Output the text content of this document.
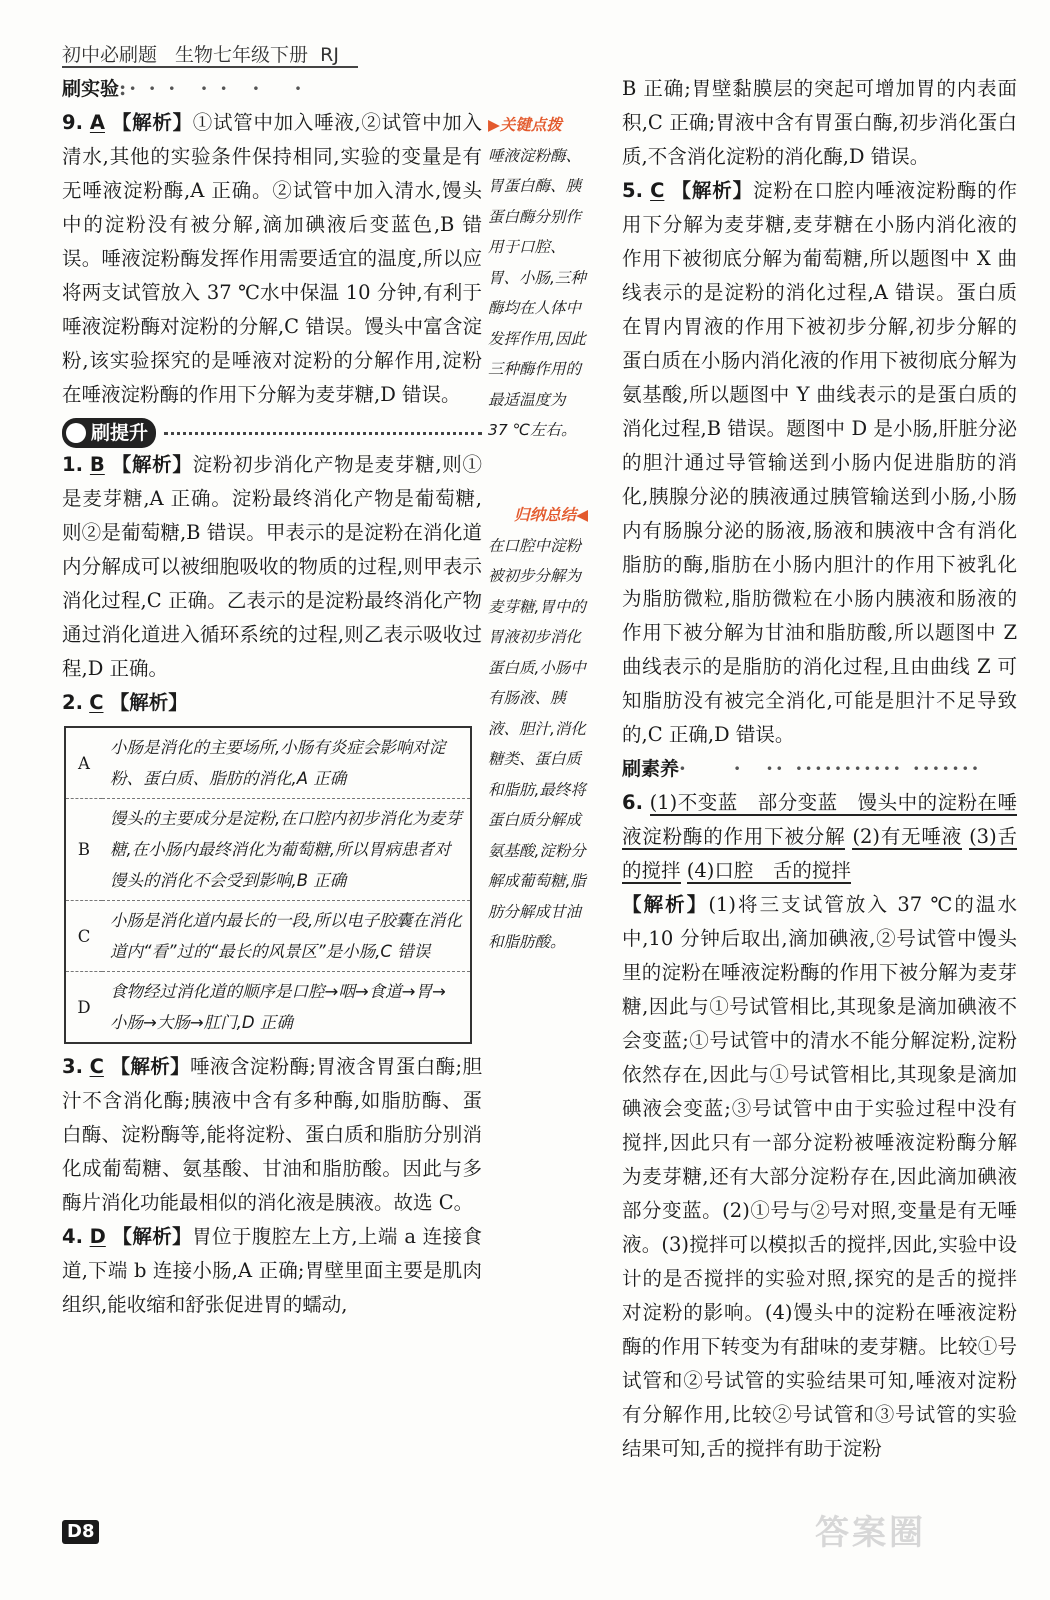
初中必刷题 生物七年级下册 RJ
刷实验:· · ·　· ·　·　 ·

9. A 【解析】①试管中加入唾液,②试管中加入清水,其他的实验条件保持相同,实验的变量是有无唾液淀粉酶,A 正确。②试管中加入清水,馒头中的淀粉没有被分解,滴加碘液后变蓝色,B 错误。唾液淀粉酶发挥作用需要适宜的温度,所以应将两支试管放入 37 ℃水中保温 10 分钟,有利于唾液淀粉酶对淀粉的分解,C 错误。馒头中富含淀粉,该实验探究的是唾液对淀粉的分解作用,淀粉在唾液淀粉酶的作用下分解为麦芽糖,D 错误。

刷提升

1. B 【解析】淀粉初步消化产物是麦芽糖,则①是麦芽糖,A 正确。淀粉最终消化产物是葡萄糖,则②是葡萄糖,B 错误。甲表示的是淀粉在消化道内分解成可以被细胞吸收的物质的过程,则甲表示消化过程,C 正确。乙表示的是淀粉最终消化产物通过消化道进入循环系统的过程,则乙表示吸收过程,D 正确。

2. C 【解析】

A	小肠是消化的主要场所,小肠有炎症会影响对淀粉、蛋白质、脂肪的消化,A 正确
B	馒头的主要成分是淀粉,在口腔内初步消化为麦芽糖,在小肠内最终消化为葡萄糖,所以胃病患者对馒头的消化不会受到影响,B 正确
C	小肠是消化道内最长的一段,所以电子胶囊在消化道内“看”过的“最长的风景区”是小肠,C 错误
D	食物经过消化道的顺序是口腔→咽→食道→胃→小肠→大肠→肛门,D 正确

3. C 【解析】唾液含淀粉酶;胃液含胃蛋白酶;胆汁不含消化酶;胰液中含有多种酶,如脂肪酶、蛋白酶、淀粉酶等,能将淀粉、蛋白质和脂肪分别消化成葡萄糖、氨基酸、甘油和脂肪酸。因此与多酶片消化功能最相似的消化液是胰液。故选 C。

4. D 【解析】胃位于腹腔左上方,上端 a 连接食道,下端 b 连接小肠,A 正确;胃壁里面主要是肌肉组织,能收缩和舒张促进胃的蠕动,

▶关键点拨
唾液淀粉酶、胃蛋白酶、胰蛋白酶分别作用于口腔、胃、小肠,三种酶均在人体中发挥作用,因此三种酶作用的最适温度为 37 ℃左右。
归纳总结◀
在口腔中淀粉被初步分解为麦芽糖,胃中的胃液初步消化蛋白质,小肠中有肠液、胰液、胆汁,消化糖类、蛋白质和脂肪,最终将蛋白质分解成氨基酸,淀粉分解成葡萄糖,脂肪分解成甘油和脂肪酸。

B 正确;胃壁黏膜层的突起可增加胃的内表面积,C 正确;胃液中含有胃蛋白酶,初步消化蛋白质,不含消化淀粉的消化酶,D 错误。

5. C 【解析】淀粉在口腔内唾液淀粉酶的作用下分解为麦芽糖,麦芽糖在小肠内消化液的作用下被彻底分解为葡萄糖,所以题图中 X 曲线表示的是淀粉的消化过程,A 错误。蛋白质在胃内胃液的作用下被初步分解,初步分解的蛋白质在小肠内消化液的作用下被彻底分解为氨基酸,所以题图中 Y 曲线表示的是蛋白质的消化过程,B 错误。题图中 D 是小肠,肝脏分泌的胆汁通过导管输送到小肠内促进脂肪的消化,胰腺分泌的胰液通过胰管输送到小肠,小肠内有肠腺分泌的肠液,肠液和胰液中含有消化脂肪的酶,脂肪在小肠内胆汁的作用下被乳化为脂肪微粒,脂肪微粒在小肠内胰液和肠液的作用下被分解为甘油和脂肪酸,所以题图中 Z 曲线表示的是脂肪的消化过程,且由曲线 Z 可知脂肪没有被完全消化,可能是胆汁不足导致的,C 正确,D 错误。

刷素养·　　·　·· ··········· ·······

6. (1)不变蓝　部分变蓝　馒头中的淀粉在唾液淀粉酶的作用下被分解 (2)有无唾液 (3)舌的搅拌 (4)口腔　舌的搅拌

【解析】(1)将三支试管放入 37 ℃的温水中,10 分钟后取出,滴加碘液,②号试管中馒头里的淀粉在唾液淀粉酶的作用下被分解为麦芽糖,因此与①号试管相比,其现象是滴加碘液不会变蓝;①号试管中的清水不能分解淀粉,淀粉依然存在,因此与①号试管相比,其现象是滴加碘液会变蓝;③号试管中由于实验过程中没有搅拌,因此只有一部分淀粉被唾液淀粉酶分解为麦芽糖,还有大部分淀粉存在,因此滴加碘液部分变蓝。(2)①号与②号对照,变量是有无唾液。(3)搅拌可以模拟舌的搅拌,因此,实验中设计的是否搅拌的实验对照,探究的是舌的搅拌对淀粉的影响。(4)馒头中的淀粉在唾液淀粉酶的作用下转变为有甜味的麦芽糖。比较①号试管和②号试管的实验结果可知,唾液对淀粉有分解作用,比较②号试管和③号试管的实验结果可知,舌的搅拌有助于淀粉

D8	答案圈
